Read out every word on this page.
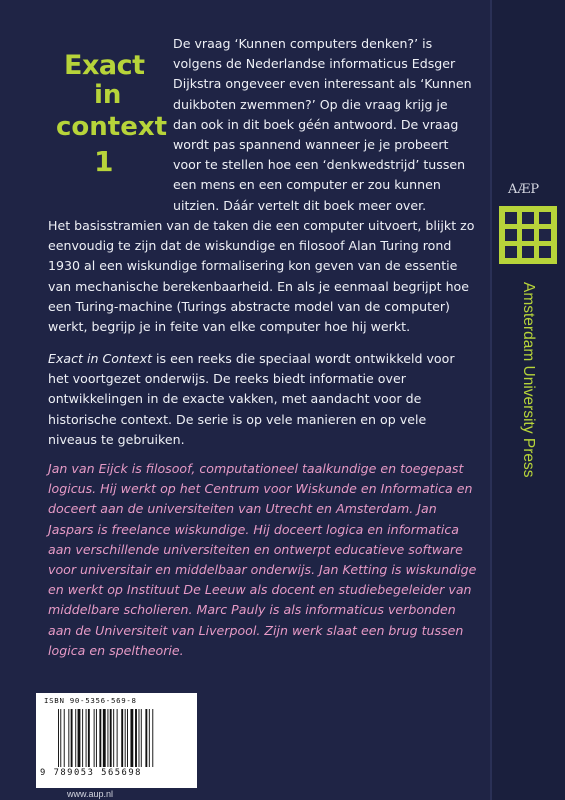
Exact
in
context
1
De vraag ‘Kunnen computers denken?’ is volgens de Nederlandse informaticus Edsger Dijkstra ongeveer even interessant als ‘Kunnen duikboten zwemmen?’ Op die vraag krijg je dan ook in dit boek géén antwoord. De vraag wordt pas spannend wanneer je je probeert voor te stellen hoe een ‘denkwedstrijd’ tussen een mens en een computer er zou kunnen uitzien. Dáár vertelt dit boek meer over.
Het basisstramien van de taken die een computer uitvoert, blijkt zo eenvoudig te zijn dat de wiskundige en filosoof Alan Turing rond 1930 al een wiskundige formalisering kon geven van de essentie van mechanische berekenbaarheid. En als je eenmaal begrijpt hoe een Turing-machine (Turings abstracte model van de computer) werkt, begrijp je in feite van elke computer hoe hij werkt.
Exact in Context is een reeks die speciaal wordt ontwikkeld voor het voortgezet onderwijs. De reeks biedt informatie over ontwikkelingen in de exacte vakken, met aandacht voor de historische context. De serie is op vele manieren en op vele niveaus te gebruiken.
Jan van Eijck is filosoof, computationeel taalkundige en toegepast logicus. Hij werkt op het Centrum voor Wiskunde en Informatica en doceert aan de universiteiten van Utrecht en Amsterdam. Jan Jaspars is freelance wiskundige. Hij doceert logica en informatica aan verschillende universiteiten en ontwerpt educatieve software voor universitair en middelbaar onderwijs. Jan Ketting is wiskundige en werkt op Instituut De Leeuw als docent en studiebegeleider van middelbare scholieren. Marc Pauly is als informaticus verbonden aan de Universiteit van Liverpool. Zijn werk slaat een brug tussen logica en speltheorie.
ISBN 90-5356-569-8
9 789053 565698
www.aup.nl
AÆP
Amsterdam University Press
